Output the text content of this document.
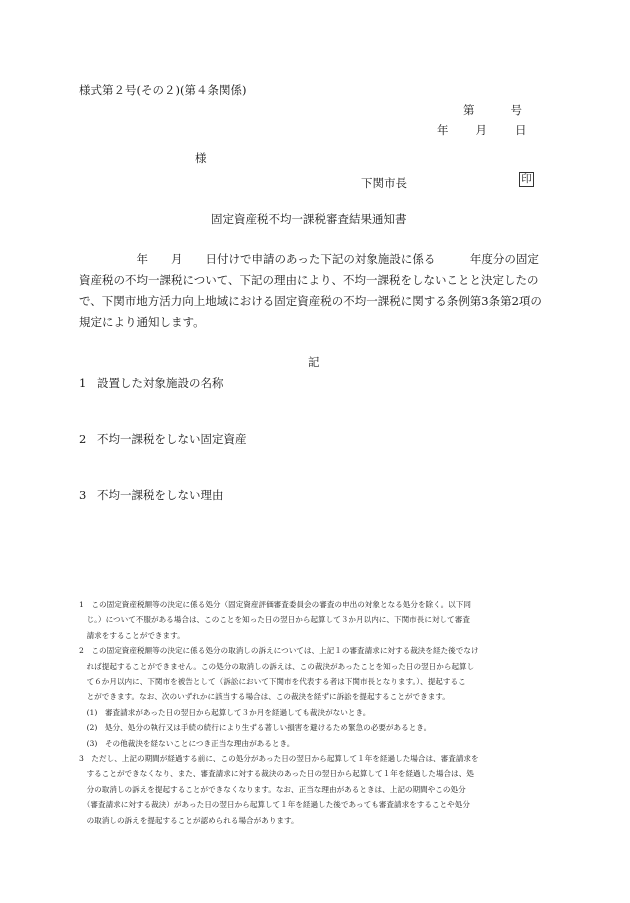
様式第２号(その２)(第４条関係)
第	号
年 月 日
様
下関市長	印
固定資産税不均一課税審査結果通知書
　　　　　年　　月　　日付けで申請のあった下記の対象施設に係る　　　年度分の固定
資産税の不均一課税について、下記の理由により、不均一課税をしないことと決定したの
で、下関市地方活力向上地域における固定資産税の不均一課税に関する条例第3条第2項の
規定により通知します。
記
1 設置した対象施設の名称
2 不均一課税をしない固定資産
3 不均一課税をしない理由
1　この固定資産税額等の決定に係る処分（固定資産評価審査委員会の審査の申出の対象となる処分を除く。以下同
　じ。）について不服がある場合は、このことを知った日の翌日から起算して３か月以内に、下関市長に対して審査
　請求をすることができます。
2　この固定資産税額等の決定に係る処分の取消しの訴えについては、上記１の審査請求に対する裁決を経た後でなけ
　れば提起することができません。この処分の取消しの訴えは、この裁決があったことを知った日の翌日から起算し
　て６か月以内に、下関市を被告として（訴訟において下関市を代表する者は下関市長となります。）、提起するこ
　とができます。なお、次のいずれかに該当する場合は、この裁決を経ずに訴訟を提起することができます。
　(1)　審査請求があった日の翌日から起算して３か月を経過しても裁決がないとき。
　(2)　処分、処分の執行又は手続の続行により生ずる著しい損害を避けるため緊急の必要があるとき。
　(3)　その他裁決を経ないことにつき正当な理由があるとき。
3　ただし、上記の期間が経過する前に、この処分があった日の翌日から起算して１年を経過した場合は、審査請求を
　することができなくなり、また、審査請求に対する裁決のあった日の翌日から起算して１年を経過した場合は、処
　分の取消しの訴えを提起することができなくなります。なお、正当な理由があるときは、上記の期間やこの処分
　（審査請求に対する裁決）があった日の翌日から起算して１年を経過した後であっても審査請求をすることや処分
　の取消しの訴えを提起することが認められる場合があります。
